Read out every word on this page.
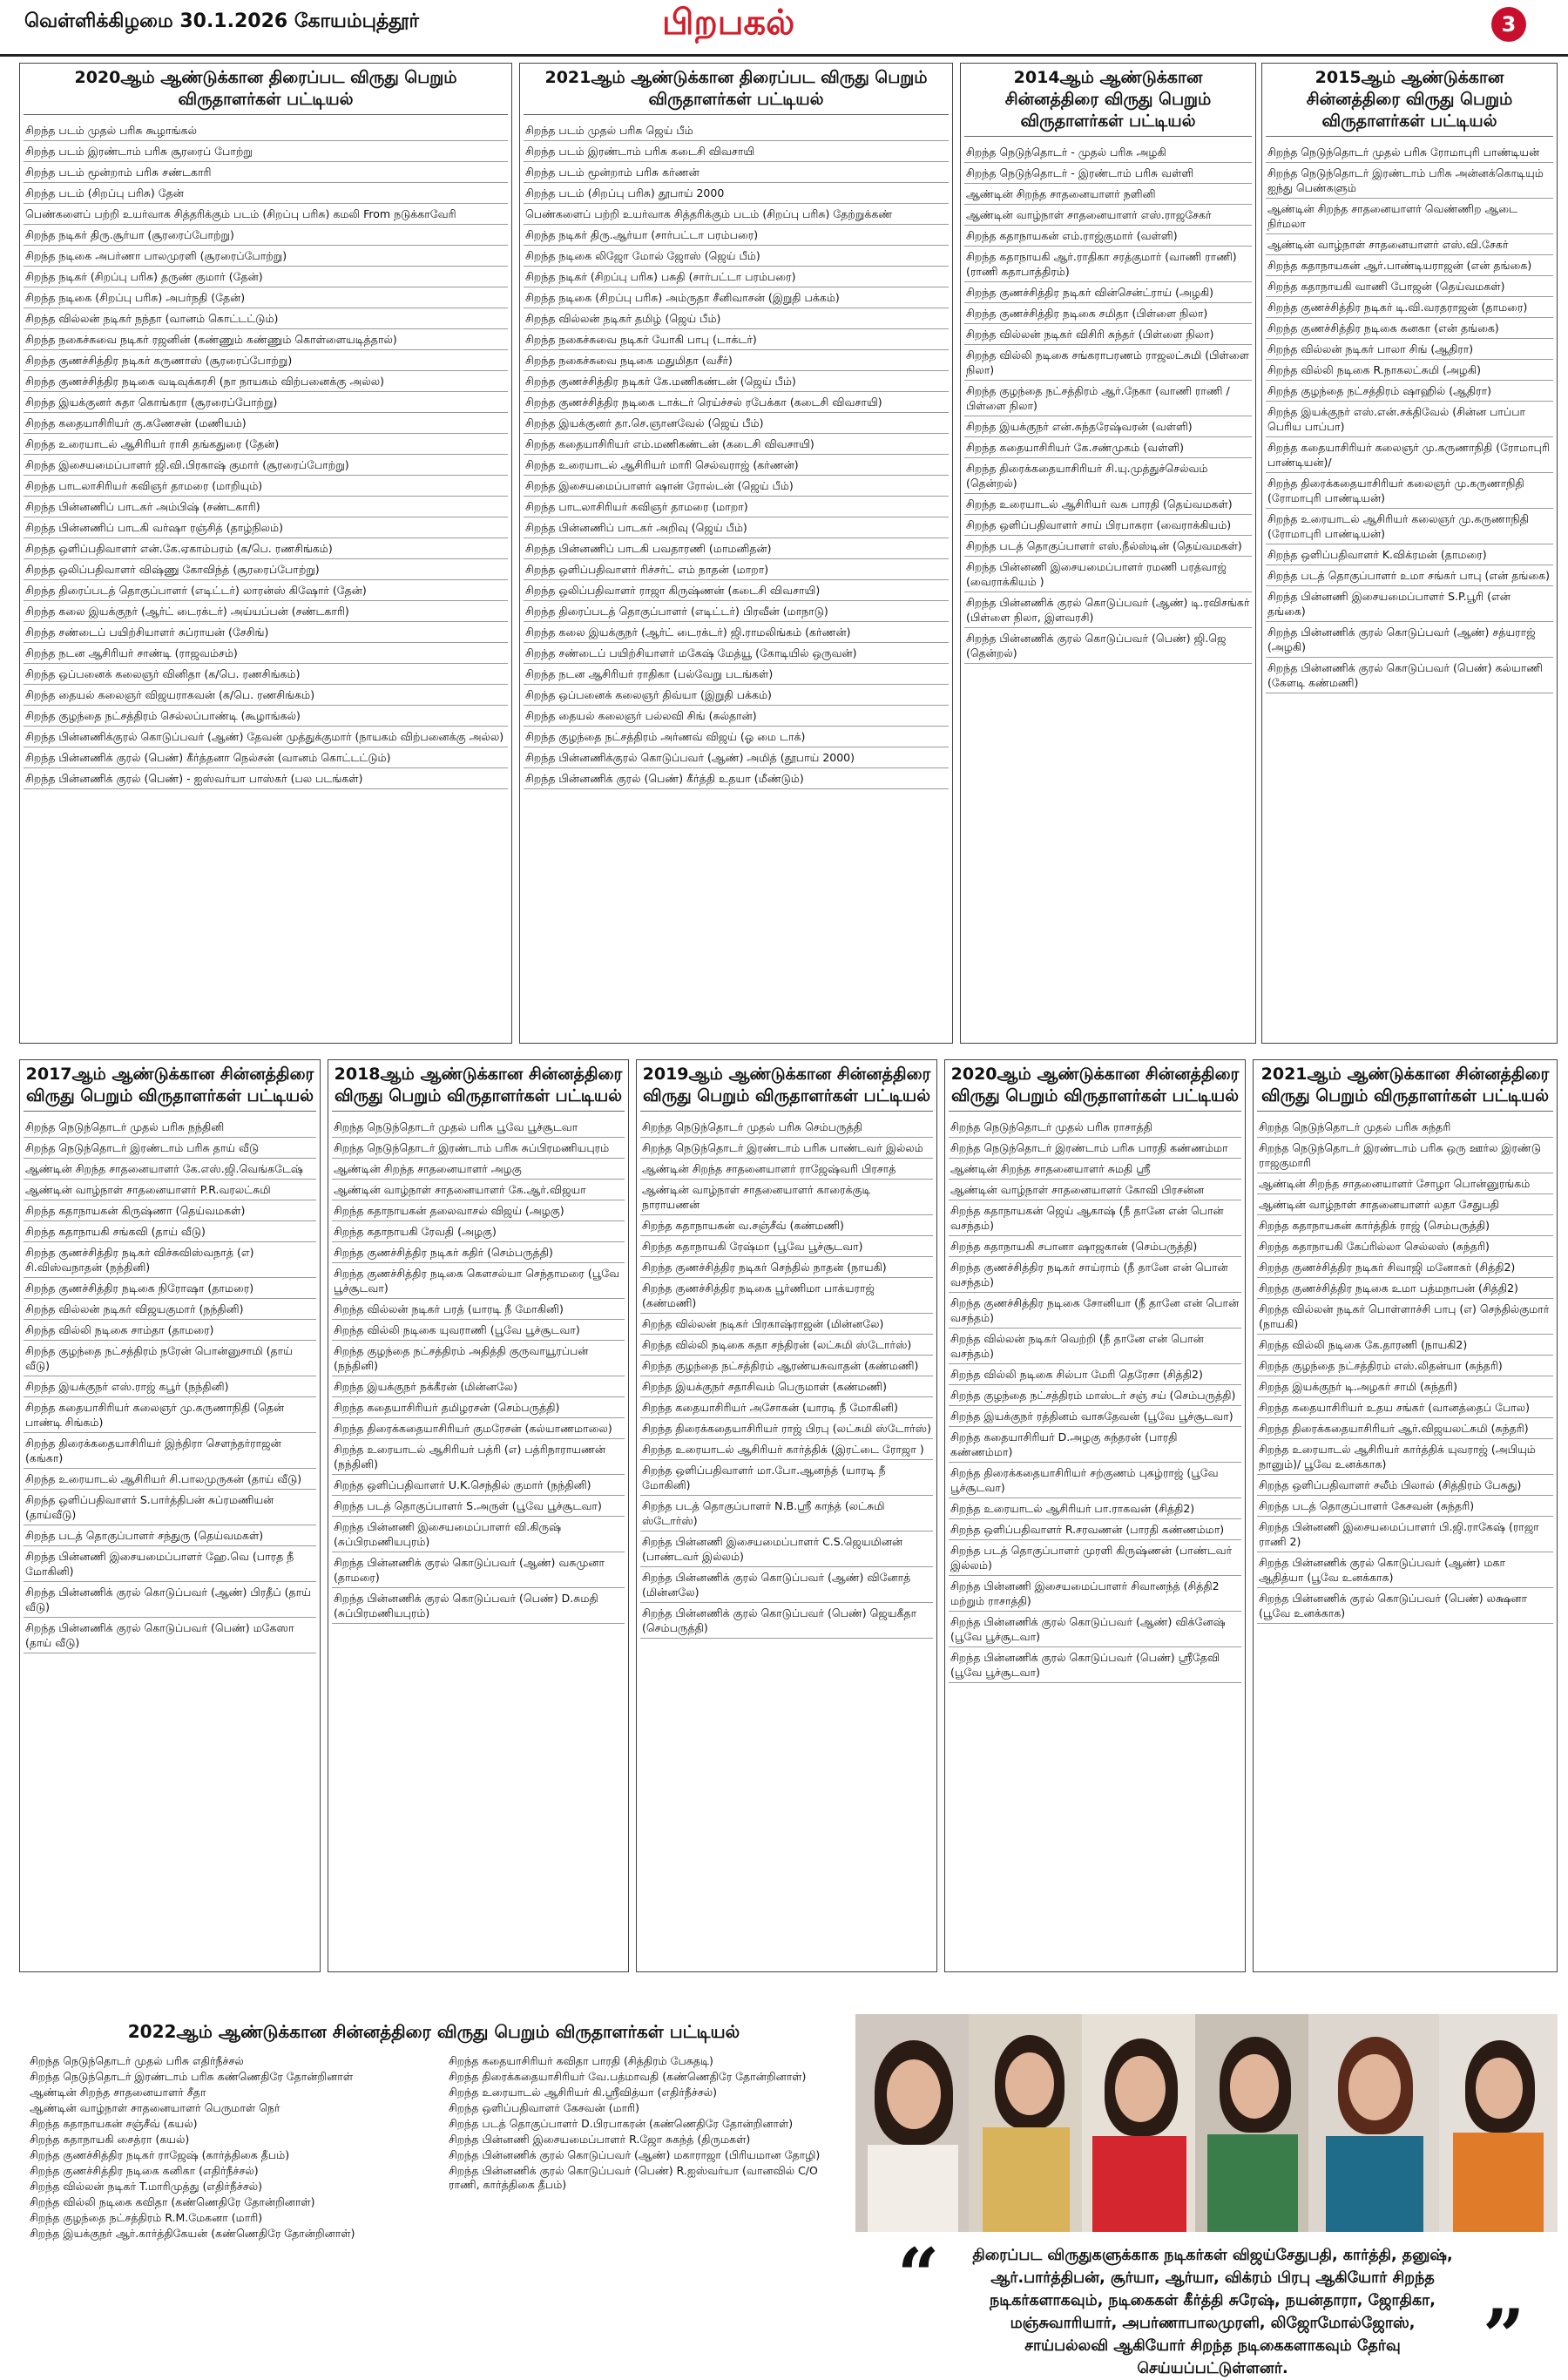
வெள்ளிக்கிழமை 30.1.2026 கோயம்புத்தூர்	பிறபகல்	3
2020ஆம் ஆண்டுக்கான திரைப்பட விருது பெறும் விருதாளர்கள் பட்டியல்
சிறந்த படம் முதல் பரிசு கூழாங்கல்
சிறந்த படம் இரண்டாம் பரிசு சூரரைப் போற்று
சிறந்த படம் மூன்றாம் பரிசு சண்டகாரி
சிறந்த படம் (சிறப்பு பரிசு) தேன்
பெண்களைப் பற்றி உயர்வாக சித்தரிக்கும் படம் (சிறப்பு பரிசு) கமலி From நடுக்காவேரி
சிறந்த நடிகர் திரு.சூர்யா (சூரரைப்போற்று)
சிறந்த நடிகை அபர்ணா பாலமுரளி (சூரரைப்போற்று)
சிறந்த நடிகர் (சிறப்பு பரிசு) தருண் குமார் (தேன்)
சிறந்த நடிகை (சிறப்பு பரிசு) அபர்நதி (தேன்)
சிறந்த வில்லன் நடிகர் நந்தா (வானம் கொட்டட்டும்)
சிறந்த நகைச்சுவை நடிகர் ரஜனின் (கண்ணும் கண்ணும் கொள்ளையடித்தால்)
சிறந்த குணச்சித்திர நடிகர் கருணாஸ் (சூரரைப்போற்று)
சிறந்த குணச்சித்திர நடிகை வடிவுக்கரசி (நா நாயகம் விற்பனைக்கு அல்ல)
சிறந்த இயக்குனர் சுதா கொங்கரா (சூரரைப்போற்று)
சிறந்த கதையாசிரியர் கு.கணேசன் (மணியம்)
சிறந்த உரையாடல் ஆசிரியர் ராசி தங்கதுரை (தேன்)
சிறந்த இசையமைப்பாளர் ஜி.வி.பிரகாஷ் குமார் (சூரரைப்போற்று)
சிறந்த பாடலாசிரியர் கவிஞர் தாமரை (மாறியும்)
சிறந்த பின்னணிப் பாடகர் அம்பிஷ் (சண்டகாரி)
சிறந்த பின்னணிப் பாடகி வர்ஷா ரஞ்சித் (தாழ்நிலம்)
சிறந்த ஒளிப்பதிவாளர் என்.கே.ஏகாம்பரம் (க/பெ. ரணசிங்கம்)
சிறந்த ஒலிப்பதிவாளர் விஷ்ணு கோவிந்த் (சூரரைப்போற்று)
சிறந்த திரைப்படத் தொகுப்பாளர் (எடிட்டர்) லாரன்ஸ் கிஷோர் (தேன்)
சிறந்த கலை இயக்குநர் (ஆர்ட் டைரக்டர்) அய்யப்பன் (சண்டகாரி)
சிறந்த சண்டைப் பயிற்சியாளர் சுப்ராயன் (சேசிங்)
சிறந்த நடன ஆசிரியர் சாண்டி (ராஜவம்சம்)
சிறந்த ஒப்பனைக் கலைஞர் வினிதா (க/பெ. ரணசிங்கம்)
சிறந்த தையல் கலைஞர் விஜயராகவன் (க/பெ. ரணசிங்கம்)
சிறந்த குழந்தை நட்சத்திரம் செல்லப்பாண்டி (கூழாங்கல்)
சிறந்த பின்னணிக்குரல் கொடுப்பவர் (ஆண்) தேவன் முத்துக்குமார் (நாயகம் விற்பனைக்கு அல்ல)
சிறந்த பின்னணிக் குரல் (பெண்) கீர்த்தனா நெல்சன் (வானம் கொட்டட்டும்)
சிறந்த பின்னணிக் குரல் (பெண்) - ஐஸ்வர்யா பாஸ்கர் (பல படங்கள்)
2021ஆம் ஆண்டுக்கான திரைப்பட விருது பெறும் விருதாளர்கள் பட்டியல்
சிறந்த படம் முதல் பரிசு ஜெய் பீம்
சிறந்த படம் இரண்டாம் பரிசு கடைசி விவசாயி
சிறந்த படம் மூன்றாம் பரிசு கர்ணன்
சிறந்த படம் (சிறப்பு பரிசு) தூபாய் 2000
பெண்களைப் பற்றி உயர்வாக சித்தரிக்கும் படம் (சிறப்பு பரிசு) தேற்றுக்கண்
சிறந்த நடிகர் திரு.ஆர்யா (சார்பட்டா பரம்பரை)
சிறந்த நடிகை லிஜோ மோல் ஜோஸ் (ஜெய் பீம்)
சிறந்த நடிகர் (சிறப்பு பரிசு) பசுதி (சார்பட்டா பரம்பரை)
சிறந்த நடிகை (சிறப்பு பரிசு) அம்ருதா சீனிவாசன் (இறுதி பக்கம்)
சிறந்த வில்லன் நடிகர் தமிழ் (ஜெய் பீம்)
சிறந்த நகைச்சுவை நடிகர் யோகி பாபு (டாக்டர்)
சிறந்த நகைச்சுவை நடிகை மதுமிதா (வசீர்)
சிறந்த குணச்சித்திர நடிகர் கே.மணிகண்டன் (ஜெய் பீம்)
சிறந்த குணச்சித்திர நடிகை டாக்டர் ரெய்ச்சல் ரபேக்கா (கடைசி விவசாயி)
சிறந்த இயக்குனர் தா.செ.ஞானவேல் (ஜெய் பீம்)
சிறந்த கதையாசிரியர் எம்.மணிகண்டன் (கடைசி விவசாயி)
சிறந்த உரையாடல் ஆசிரியர் மாரி செல்வராஜ் (கர்ணன்)
சிறந்த இசையமைப்பாளர் ஷான் ரோல்டன் (ஜெய் பீம்)
சிறந்த பாடலாசிரியர் கவிஞர் தாமரை (மாறா)
சிறந்த பின்னணிப் பாடகர் அறிவு (ஜெய் பீம்)
சிறந்த பின்னணிப் பாடகி பவதாரணி (மாமனிதன்)
சிறந்த ஒளிப்பதிவாளர் ரிச்சர்ட் எம் நாதன் (மாறா)
சிறந்த ஒலிப்பதிவாளர் ராஜா கிருஷ்ணன் (கடைசி விவசாயி)
சிறந்த திரைப்படத் தொகுப்பாளர் (எடிட்டர்) பிரவீன் (மாநாடு)
சிறந்த கலை இயக்குநர் (ஆர்ட் டைரக்டர்) ஜி.ராமலிங்கம் (கர்ணன்)
சிறந்த சண்டைப் பயிற்சியாளர் மகேஷ் மேத்யூ (கோடியில் ஒருவன்)
சிறந்த நடன ஆசிரியர் ராதிகா (பல்வேறு படங்கள்)
சிறந்த ஒப்பனைக் கலைஞர் திவ்யா (இறுதி பக்கம்)
சிறந்த தையல் கலைஞர் பல்லவி சிங் (சுல்தான்)
சிறந்த குழந்தை நட்சத்திரம் அர்ணவ் விஜய் (ஓ மை டாக்)
சிறந்த பின்னணிக்குரல் கொடுப்பவர் (ஆண்) அமித் (தூபாய் 2000)
சிறந்த பின்னணிக் குரல் (பெண்) கீர்த்தி உதயா (மீண்டும்)
2014ஆம் ஆண்டுக்கான சின்னத்திரை விருது பெறும் விருதாளர்கள் பட்டியல்
சிறந்த நெடுந்தொடர் - முதல் பரிசு அழகி
சிறந்த நெடுந்தொடர் - இரண்டாம் பரிசு வள்ளி
ஆண்டின் சிறந்த சாதனையாளர் நளினி
ஆண்டின் வாழ்நாள் சாதனையாளர் எஸ்.ராஜசேகர்
சிறந்த கதாநாயகன் எம்.ராஜ்குமார் (வள்ளி)
சிறந்த கதாநாயகி ஆர்.ராதிகா சரத்குமார் (வாணி ராணி) (ராணி கதாபாத்திரம்)
சிறந்த குணச்சித்திர நடிகர் வின்சென்ட்ராய் (அழகி)
சிறந்த குணச்சித்திர நடிகை சமிதா (பிள்ளை நிலா)
சிறந்த வில்லன் நடிகர் விசிரி சுந்தர் (பிள்ளை நிலா)
சிறந்த வில்லி நடிகை சங்கராபரணம் ராஜலட்சுமி (பிள்ளை நிலா)
சிறந்த குழந்தை நட்சத்திரம் ஆர்.நேகா (வாணி ராணி / பிள்ளை நிலா)
சிறந்த இயக்குநர் என்.சுந்தரேஷ்வரன் (வள்ளி)
சிறந்த கதையாசிரியர் கே.சண்முகம் (வள்ளி)
சிறந்த திரைக்கதையாசிரியர் சி.யு.முத்துச்செல்வம் (தென்றல்)
சிறந்த உரையாடல் ஆசிரியர் வசு பாரதி (தெய்வமகள்)
சிறந்த ஒளிப்பதிவாளர் சாய் பிரபாகரா (வைராக்கியம்)
சிறந்த படத் தொகுப்பாளர் எஸ்.நீல்ஸ்டின் (தெய்வமகள்)
சிறந்த பின்னணி இசையமைப்பாளர் ரமணி பரத்வாஜ் (வைராக்கியம் )
சிறந்த பின்னணிக் குரல் கொடுப்பவர் (ஆண்) டி.ரவிசங்கர் (பிள்ளை நிலா, இளவரசி)
சிறந்த பின்னணிக் குரல் கொடுப்பவர் (பெண்) ஜி.ஜெ (தென்றல்)
2015ஆம் ஆண்டுக்கான சின்னத்திரை விருது பெறும் விருதாளர்கள் பட்டியல்
சிறந்த நெடுந்தொடர் முதல் பரிசு ரோமாபுரி பாண்டியன்
சிறந்த நெடுந்தொடர் இரண்டாம் பரிசு அன்னக்கொடியும் ஐந்து பெண்களும்
ஆண்டின் சிறந்த சாதனையாளர் வெண்ணிற ஆடை நிர்மலா
ஆண்டின் வாழ்நாள் சாதனையாளர் எஸ்.வி.சேகர்
சிறந்த கதாநாயகன் ஆர்.பாண்டியராஜன் (என் தங்கை)
சிறந்த கதாநாயகி வாணி போஜன் (தெய்வமகள்)
சிறந்த குணச்சித்திர நடிகர் டி.வி.வரதராஜன் (தாமரை)
சிறந்த குணச்சித்திர நடிகை கனகா (என் தங்கை)
சிறந்த வில்லன் நடிகர் பாலா சிங் (ஆதிரா)
சிறந்த வில்லி நடிகை R.நாகலட்சுமி (அழகி)
சிறந்த குழந்தை நட்சத்திரம் ஷாஹில் (ஆதிரா)
சிறந்த இயக்குநர் எஸ்.என்.சக்திவேல் (சின்ன பாப்பா பெரிய பாப்பா)
சிறந்த கதையாசிரியர் கலைஞர் மு.கருணாநிதி (ரோமாபுரி பாண்டியன்)/
சிறந்த திரைக்கதையாசிரியர் கலைஞர் மு.கருணாநிதி (ரோமாபுரி பாண்டியன்)
சிறந்த உரையாடல் ஆசிரியர் கலைஞர் மு.கருணாநிதி (ரோமாபுரி பாண்டியன்)
சிறந்த ஒளிப்பதிவாளர் K.விக்ரமன் (தாமரை)
சிறந்த படத் தொகுப்பாளர் உமா சங்கர் பாபு (என் தங்கை)
சிறந்த பின்னணி இசையமைப்பாளர் S.P.பூரி (என் தங்கை)
சிறந்த பின்னணிக் குரல் கொடுப்பவர் (ஆண்) சத்யராஜ் (அழகி)
சிறந்த பின்னணிக் குரல் கொடுப்பவர் (பெண்) கல்யாணி (கேளடி கண்மணி)
2017ஆம் ஆண்டுக்கான சின்னத்திரை விருது பெறும் விருதாளர்கள் பட்டியல்
சிறந்த நெடுந்தொடர் முதல் பரிசு நந்தினி
சிறந்த நெடுந்தொடர் இரண்டாம் பரிசு தாய் வீடு
ஆண்டின் சிறந்த சாதனையாளர் கே.எஸ்.ஜி.வெங்கடேஷ்
ஆண்டின் வாழ்நாள் சாதனையாளர் P.R.வரலட்சுமி
சிறந்த கதாநாயகன் கிருஷ்ணா (தெய்வமகள்)
சிறந்த கதாநாயகி சங்கவி (தாய் வீடு)
சிறந்த குணச்சித்திர நடிகர் விச்சுவிஸ்வநாத் (எ) சி.விஸ்வநாதன் (நந்தினி)
சிறந்த குணச்சித்திர நடிகை நிரோஷா (தாமரை)
சிறந்த வில்லன் நடிகர் விஜயகுமார் (நந்தினி)
சிறந்த வில்லி நடிகை சாம்தா (தாமரை)
சிறந்த குழந்தை நட்சத்திரம் நரேன் பொன்னுசாமி (தாய் வீடு)
சிறந்த இயக்குநர் எஸ்.ராஜ் கபூர் (நந்தினி)
சிறந்த கதையாசிரியர் கலைஞர் மு.கருணாநிதி (தென் பாண்டி சிங்கம்)
சிறந்த திரைக்கதையாசிரியர் இந்திரா சௌந்தர்ராஜன் (கங்கா)
சிறந்த உரையாடல் ஆசிரியர் சி.பாலமுருகன் (தாய் வீடு)
சிறந்த ஒளிப்பதிவாளர் S.பார்த்திபன் சுப்ரமணியன் (தாய்வீடு)
சிறந்த படத் தொகுப்பாளர் சந்துரு (தெய்வமகள்)
சிறந்த பின்னணி இசையமைப்பாளர் ஹே.வெ (பாரத நீ மோகினி)
சிறந்த பின்னணிக் குரல் கொடுப்பவர் (ஆண்) பிரதீப் (தாய் வீடு)
சிறந்த பின்னணிக் குரல் கொடுப்பவர் (பெண்) மகேஸா (தாய் வீடு)
2018ஆம் ஆண்டுக்கான சின்னத்திரை விருது பெறும் விருதாளர்கள் பட்டியல்
சிறந்த நெடுந்தொடர் முதல் பரிசு பூவே பூச்சூடவா
சிறந்த நெடுந்தொடர் இரண்டாம் பரிசு சுப்பிரமணியபுரம்
ஆண்டின் சிறந்த சாதனையாளர் அழகு
ஆண்டின் வாழ்நாள் சாதனையாளர் கே.ஆர்.விஜயா
சிறந்த கதாநாயகன் தலைவாசல் விஜய் (அழகு)
சிறந்த கதாநாயகி ரேவதி (அழகு)
சிறந்த குணச்சித்திர நடிகர் கதிர் (செம்பருத்தி)
சிறந்த குணச்சித்திர நடிகை கௌசல்யா செந்தாமரை (பூவே பூச்சூடவா)
சிறந்த வில்லன் நடிகர் பரத் (யாரடி நீ மோகினி)
சிறந்த வில்லி நடிகை யுவராணி (பூவே பூச்சூடவா)
சிறந்த குழந்தை நட்சத்திரம் அதித்தி குருவாயூரப்பன் (நந்தினி)
சிறந்த இயக்குநர் நக்கீரன் (மின்னலே)
சிறந்த கதையாசிரியர் தமிழரசன் (செம்பருத்தி)
சிறந்த திரைக்கதையாசிரியர் குமரேசன் (கல்யாணமாலை)
சிறந்த உரையாடல் ஆசிரியர் பத்ரி (எ) பத்ரிநாராயணன் (நந்தினி)
சிறந்த ஒளிப்பதிவாளர் U.K.செந்தில் குமார் (நந்தினி)
சிறந்த படத் தொகுப்பாளர் S.அருள் (பூவே பூச்சூடவா)
சிறந்த பின்னணி இசையமைப்பாளர் வி.கிருஷ் (சுப்பிரமணியபுரம்)
சிறந்த பின்னணிக் குரல் கொடுப்பவர் (ஆண்) வசுமுனா (தாமரை)
சிறந்த பின்னணிக் குரல் கொடுப்பவர் (பெண்) D.சுமதி (சுப்பிரமணியபுரம்)
2019ஆம் ஆண்டுக்கான சின்னத்திரை விருது பெறும் விருதாளர்கள் பட்டியல்
சிறந்த நெடுந்தொடர் முதல் பரிசு செம்பருத்தி
சிறந்த நெடுந்தொடர் இரண்டாம் பரிசு பாண்டவர் இல்லம்
ஆண்டின் சிறந்த சாதனையாளர் ராஜேஷ்வரி பிரசாத்
ஆண்டின் வாழ்நாள் சாதனையாளர் காரைக்குடி நாராயணன்
சிறந்த கதாநாயகன் வ.சஞ்சீவ் (கண்மணி)
சிறந்த கதாநாயகி ரேஷ்மா (பூவே பூச்சூடவா)
சிறந்த குணச்சித்திர நடிகர் செந்தில் நாதன் (நாயகி)
சிறந்த குணச்சித்திர நடிகை பூர்ணிமா பாக்யராஜ் (கண்மணி)
சிறந்த வில்லன் நடிகர் பிரகாஷ்ராஜன் (மின்னலே)
சிறந்த வில்லி நடிகை சுதா சந்திரன் (லட்சுமி ஸ்டோர்ஸ்)
சிறந்த குழந்தை நட்சத்திரம் ஆரண்யசுவாதன் (கண்மணி)
சிறந்த இயக்குநர் சதாசிவம் பெருமாள் (கண்மணி)
சிறந்த கதையாசிரியர் அசோகன் (யாரடி நீ மோகினி)
சிறந்த திரைக்கதையாசிரியர் ராஜ் பிரபு (லட்சுமி ஸ்டோர்ஸ்)
சிறந்த உரையாடல் ஆசிரியர் கார்த்திக் (இரட்டை ரோஜா )
சிறந்த ஒளிப்பதிவாளர் மா.போ.ஆனந்த் (யாரடி நீ மோகினி)
சிறந்த படத் தொகுப்பாளர் N.B.ஸ்ரீ காந்த் (லட்சுமி ஸ்டோர்ஸ்)
சிறந்த பின்னணி இசையமைப்பாளர் C.S.ஜெயமினன் (பாண்டவர் இல்லம்)
சிறந்த பின்னணிக் குரல் கொடுப்பவர் (ஆண்) வினோத் (மின்னலே)
சிறந்த பின்னணிக் குரல் கொடுப்பவர் (பெண்) ஜெயகீதா (செம்பருத்தி)
2020ஆம் ஆண்டுக்கான சின்னத்திரை விருது பெறும் விருதாளர்கள் பட்டியல்
சிறந்த நெடுந்தொடர் முதல் பரிசு ராசாத்தி
சிறந்த நெடுந்தொடர் இரண்டாம் பரிசு பாரதி கண்ணம்மா
ஆண்டின் சிறந்த சாதனையாளர் சுமதி ஸ்ரீ
ஆண்டின் வாழ்நாள் சாதனையாளர் கோவி பிரசன்ன
சிறந்த கதாநாயகன் ஜெய் ஆகாஷ் (நீ தானே என் பொன் வசந்தம்)
சிறந்த கதாநாயகி சபானா ஷாஜகான் (செம்பருத்தி)
சிறந்த குணச்சித்திர நடிகர் சாய்ராம் (நீ தானே என் பொன் வசந்தம்)
சிறந்த குணச்சித்திர நடிகை சோனியா (நீ தானே என் பொன் வசந்தம்)
சிறந்த வில்லன் நடிகர் வெற்றி (நீ தானே என் பொன் வசந்தம்)
சிறந்த வில்லி நடிகை சில்பா மேரி தெரேசா (சித்தி2)
சிறந்த குழந்தை நட்சத்திரம் மாஸ்டர் சஞ் சய் (செம்பருத்தி)
சிறந்த இயக்குநர் ரத்தினம் வாசுதேவன் (பூவே பூச்சூடவா)
சிறந்த கதையாசிரியர் D.அழகு சுந்தரன் (பாரதி கண்ணம்மா)
சிறந்த திரைக்கதையாசிரியர் சற்குணம் புகழ்ராஜ் (பூவே பூச்சூடவா)
சிறந்த உரையாடல் ஆசிரியர் பா.ராகவன் (சித்தி2)
சிறந்த ஒளிப்பதிவாளர் R.சரவணன் (பாரதி கண்ணம்மா)
சிறந்த படத் தொகுப்பாளர் முரளி கிருஷ்ணன் (பாண்டவர் இல்லம்)
சிறந்த பின்னணி இசையமைப்பாளர் சிவானந்த் (சித்தி2 மற்றும் ராசாத்தி)
சிறந்த பின்னணிக் குரல் கொடுப்பவர் (ஆண்) விக்னேஷ் (பூவே பூச்சூடவா)
சிறந்த பின்னணிக் குரல் கொடுப்பவர் (பெண்) ஸ்ரீதேவி (பூவே பூச்சூடவா)
2021ஆம் ஆண்டுக்கான சின்னத்திரை விருது பெறும் விருதாளர்கள் பட்டியல்
சிறந்த நெடுந்தொடர் முதல் பரிசு சுந்தரி
சிறந்த நெடுந்தொடர் இரண்டாம் பரிசு ஒரு ஊர்ல இரண்டு ராஜகுமாரி
ஆண்டின் சிறந்த சாதனையாளர் சோழா பொன்னுரங்கம்
ஆண்டின் வாழ்நாள் சாதனையாளர் லதா சேதுபதி
சிறந்த கதாநாயகன் கார்த்திக் ராஜ் (செம்பருத்தி)
சிறந்த கதாநாயகி கேப்ரில்லா செல்லஸ் (சுந்தரி)
சிறந்த குணச்சித்திர நடிகர் சிவாஜி மனோகர் (சித்தி2)
சிறந்த குணச்சித்திர நடிகை உமா பத்மநாபன் (சித்தி2)
சிறந்த வில்லன் நடிகர் பொள்ளாச்சி பாபு (எ) செந்தில்குமார் (நாயகி)
சிறந்த வில்லி நடிகை கே.தாரணி (நாயகி2)
சிறந்த குழந்தை நட்சத்திரம் எஸ்.லிதன்யா (சுந்தரி)
சிறந்த இயக்குநர் டி.அழகர் சாமி (சுந்தரி)
சிறந்த கதையாசிரியர் உதய சங்கர் (வானத்தைப் போல)
சிறந்த திரைக்கதையாசிரியர் ஆர்.விஜயலட்சுமி (சுந்தரி)
சிறந்த உரையாடல் ஆசிரியர் கார்த்திக் யுவராஜ் (அபியும் நானும்)/ பூவே உனக்காக)
சிறந்த ஒளிப்பதிவாளர் சலீம் பிலால் (சித்திரம் பேசுது)
சிறந்த படத் தொகுப்பாளர் கேசவன் (சுந்தரி)
சிறந்த பின்னணி இசையமைப்பாளர் பி.ஜி.ராகேஷ் (ராஜா ராணி 2)
சிறந்த பின்னணிக் குரல் கொடுப்பவர் (ஆண்) மகா ஆதித்யா (பூவே உனக்காக)
சிறந்த பின்னணிக் குரல் கொடுப்பவர் (பெண்) லக்ஷனா (பூவே உனக்காக)
2022ஆம் ஆண்டுக்கான சின்னத்திரை விருது பெறும் விருதாளர்கள் பட்டியல்
சிறந்த நெடுந்தொடர் முதல் பரிசு எதிர்நீச்சல்
சிறந்த நெடுந்தொடர் இரண்டாம் பரிசு கண்ணெதிரே தோன்றினாள்
ஆண்டின் சிறந்த சாதனையாளர் சீதா
ஆண்டின் வாழ்நாள் சாதனையாளர் பெருமாள் நெர்
சிறந்த கதாநாயகன் சஞ்சீவ் (கயல்)
சிறந்த கதாநாயகி சைத்ரா (கயல்)
சிறந்த குணச்சித்திர நடிகர் ராஜேஷ் (கார்த்திகை தீபம்)
சிறந்த குணச்சித்திர நடிகை கனிகா (எதிர்நீச்சல்)
சிறந்த வில்லன் நடிகர் T.மாரிமுத்து (எதிர்நீச்சல்)
சிறந்த வில்லி நடிகை கவிதா (கண்ணெதிரே தோன்றினாள்)
சிறந்த குழந்தை நட்சத்திரம் R.M.மேகனா (மாரி)
சிறந்த இயக்குநர் ஆர்.கார்த்திகேயன் (கண்ணெதிரே தோன்றினாள்)
சிறந்த கதையாசிரியர் கவிதா பாரதி (சித்திரம் பேசுதடி)
சிறந்த திரைக்கதையாசிரியர் வே.பத்மாவதி (கண்ணெதிரே தோன்றினாள்)
சிறந்த உரையாடல் ஆசிரியர் கி.ஸ்ரீவித்யா (எதிர்நீச்சல்)
சிறந்த ஒளிப்பதிவாளர் கேசவன் (மாரி)
சிறந்த படத் தொகுப்பாளர் D.பிரபாகரன் (கண்ணெதிரே தோன்றினாள்)
சிறந்த பின்னணி இசையமைப்பாளர் R.ஜோ சுகந்த் (திருமகள்)
சிறந்த பின்னணிக் குரல் கொடுப்பவர் (ஆண்) மகாராஜா (பிரியமான தோழி)
சிறந்த பின்னணிக் குரல் கொடுப்பவர் (பெண்) R.ஐஸ்வர்யா (வானவில் C/O ராணி, கார்த்திகை தீபம்)
“ திரைப்பட விருதுகளுக்காக நடிகர்கள் விஜய்சேதுபதி, கார்த்தி, தனுஷ், ஆர்.பார்த்திபன், சூர்யா, ஆர்யா, விக்ரம் பிரபு ஆகியோர் சிறந்த நடிகர்களாகவும், நடிகைகள் கீர்த்தி சுரேஷ், நயன்தாரா, ஜோதிகா, மஞ்சுவாரியார், அபர்ணாபாலமுரளி, லிஜோமோல்ஜோஸ், சாய்பல்லவி ஆகியோர் சிறந்த நடிகைகளாகவும் தேர்வு செய்யப்பட்டுள்ளனர்.	”
